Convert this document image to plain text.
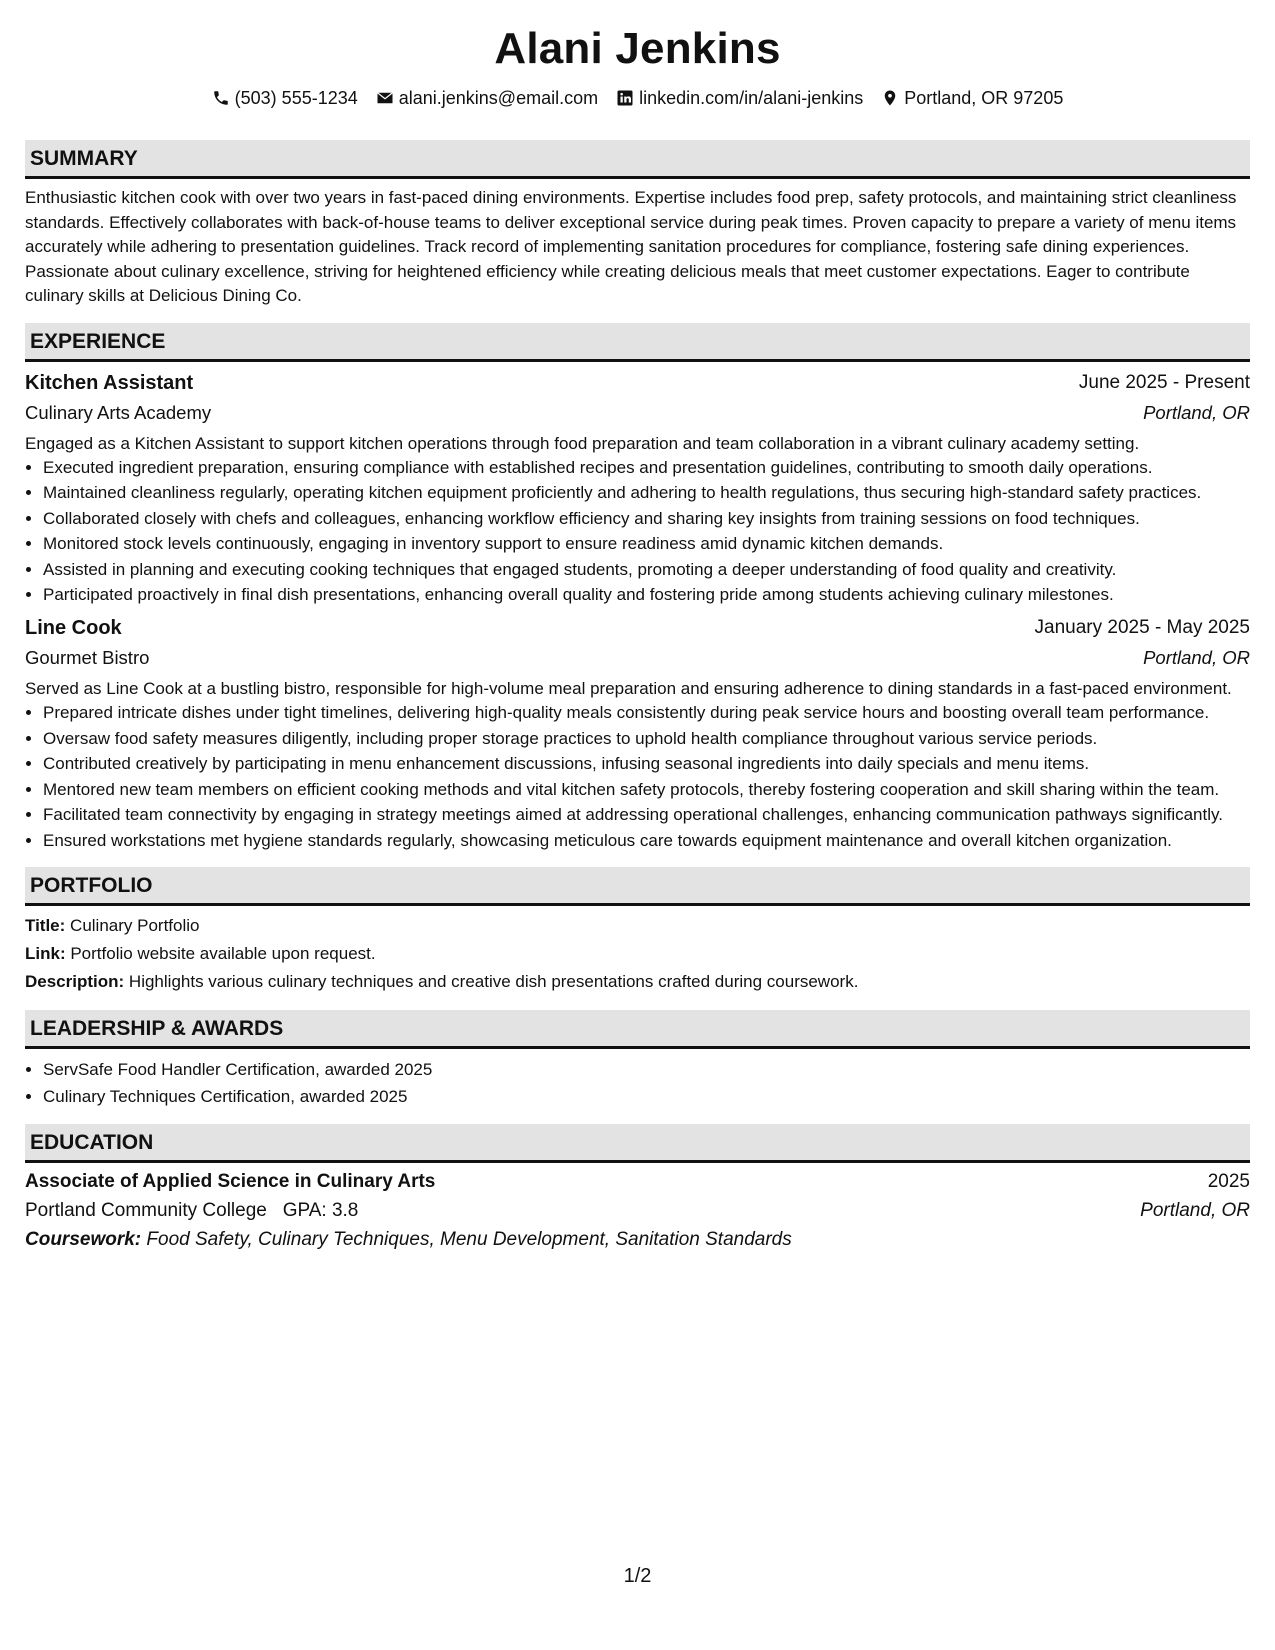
Alani Jenkins
(503) 555-1234 alani.jenkins@email.com linkedin.com/in/alani-jenkins Portland, OR 97205
SUMMARY
Enthusiastic kitchen cook with over two years in fast-paced dining environments. Expertise includes food prep, safety protocols, and maintaining strict cleanliness standards. Effectively collaborates with back-of-house teams to deliver exceptional service during peak times. Proven capacity to prepare a variety of menu items accurately while adhering to presentation guidelines. Track record of implementing sanitation procedures for compliance, fostering safe dining experiences. Passionate about culinary excellence, striving for heightened efficiency while creating delicious meals that meet customer expectations. Eager to contribute culinary skills at Delicious Dining Co.
EXPERIENCE
Kitchen Assistant	June 2025 - Present
Culinary Arts Academy	Portland, OR
Engaged as a Kitchen Assistant to support kitchen operations through food preparation and team collaboration in a vibrant culinary academy setting.
• Executed ingredient preparation, ensuring compliance with established recipes and presentation guidelines, contributing to smooth daily operations.
• Maintained cleanliness regularly, operating kitchen equipment proficiently and adhering to health regulations, thus securing high-standard safety practices.
• Collaborated closely with chefs and colleagues, enhancing workflow efficiency and sharing key insights from training sessions on food techniques.
• Monitored stock levels continuously, engaging in inventory support to ensure readiness amid dynamic kitchen demands.
• Assisted in planning and executing cooking techniques that engaged students, promoting a deeper understanding of food quality and creativity.
• Participated proactively in final dish presentations, enhancing overall quality and fostering pride among students achieving culinary milestones.
Line Cook	January 2025 - May 2025
Gourmet Bistro	Portland, OR
Served as Line Cook at a bustling bistro, responsible for high-volume meal preparation and ensuring adherence to dining standards in a fast-paced environment.
• Prepared intricate dishes under tight timelines, delivering high-quality meals consistently during peak service hours and boosting overall team performance.
• Oversaw food safety measures diligently, including proper storage practices to uphold health compliance throughout various service periods.
• Contributed creatively by participating in menu enhancement discussions, infusing seasonal ingredients into daily specials and menu items.
• Mentored new team members on efficient cooking methods and vital kitchen safety protocols, thereby fostering cooperation and skill sharing within the team.
• Facilitated team connectivity by engaging in strategy meetings aimed at addressing operational challenges, enhancing communication pathways significantly.
• Ensured workstations met hygiene standards regularly, showcasing meticulous care towards equipment maintenance and overall kitchen organization.
PORTFOLIO
Title: Culinary Portfolio
Link: Portfolio website available upon request.
Description: Highlights various culinary techniques and creative dish presentations crafted during coursework.
LEADERSHIP & AWARDS
• ServSafe Food Handler Certification, awarded 2025
• Culinary Techniques Certification, awarded 2025
EDUCATION
Associate of Applied Science in Culinary Arts	2025
Portland Community College GPA: 3.8	Portland, OR
Coursework: Food Safety, Culinary Techniques, Menu Development, Sanitation Standards
1/2
